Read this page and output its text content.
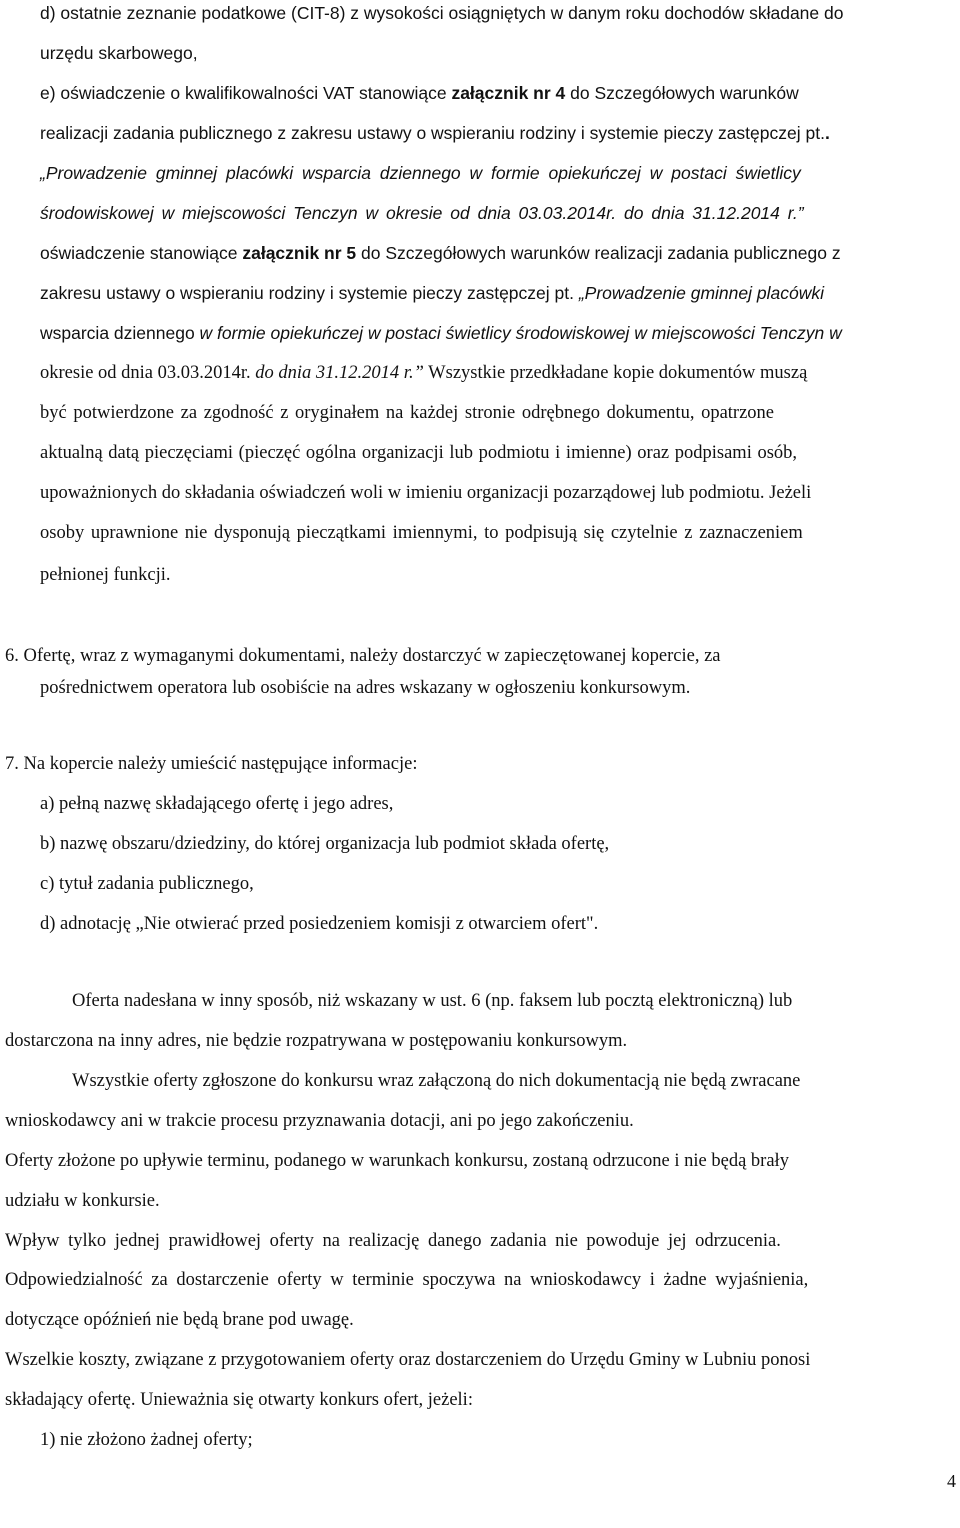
d) ostatnie zeznanie podatkowe (CIT-8) z wysokości osiągniętych w danym roku dochodów składane do
urzędu skarbowego,
e) oświadczenie o kwalifikowalności VAT stanowiące załącznik nr 4 do Szczegółowych warunków
realizacji zadania publicznego z zakresu ustawy o wspieraniu rodziny i systemie pieczy zastępczej pt..
„Prowadzenie gminnej placówki wsparcia dziennego w formie opiekuńczej w postaci świetlicy
środowiskowej w miejscowości Tenczyn w okresie od dnia 03.03.2014r. do dnia 31.12.2014 r.”
oświadczenie stanowiące załącznik nr 5 do Szczegółowych warunków realizacji zadania publicznego z
zakresu ustawy o wspieraniu rodziny i systemie pieczy zastępczej pt. „Prowadzenie gminnej placówki
wsparcia dziennego w formie opiekuńczej w postaci świetlicy środowiskowej w miejscowości Tenczyn w
okresie od dnia 03.03.2014r. do dnia 31.12.2014 r.” Wszystkie przedkładane kopie dokumentów muszą
być potwierdzone za zgodność z oryginałem na każdej stronie odrębnego dokumentu, opatrzone
aktualną datą pieczęciami (pieczęć ogólna organizacji lub podmiotu i imienne) oraz podpisami osób,
upoważnionych do składania oświadczeń woli w imieniu organizacji pozarządowej lub podmiotu. Jeżeli
osoby uprawnione nie dysponują pieczątkami imiennymi, to podpisują się czytelnie z zaznaczeniem
pełnionej funkcji.
6. Ofertę, wraz z wymaganymi dokumentami, należy dostarczyć w zapieczętowanej kopercie, za
pośrednictwem operatora lub osobiście na adres wskazany w ogłoszeniu konkursowym.
7. Na kopercie należy umieścić następujące informacje:
a) pełną nazwę składającego ofertę i jego adres,
b) nazwę obszaru/dziedziny, do której organizacja lub podmiot składa ofertę,
c) tytuł zadania publicznego,
d) adnotację „Nie otwierać przed posiedzeniem komisji z otwarciem ofert".
Oferta nadesłana w inny sposób, niż wskazany w ust. 6 (np. faksem lub pocztą elektroniczną) lub
dostarczona na inny adres, nie będzie rozpatrywana w postępowaniu konkursowym.
Wszystkie oferty zgłoszone do konkursu wraz załączoną do nich dokumentacją nie będą zwracane
wnioskodawcy ani w trakcie procesu przyznawania dotacji, ani po jego zakończeniu.
Oferty złożone po upływie terminu, podanego w warunkach konkursu, zostaną odrzucone i nie będą brały
udziału w konkursie.
Wpływ tylko jednej prawidłowej oferty na realizację danego zadania nie powoduje jej odrzucenia.
Odpowiedzialność za dostarczenie oferty w terminie spoczywa na wnioskodawcy i żadne wyjaśnienia,
dotyczące opóźnień nie będą brane pod uwagę.
Wszelkie koszty, związane z przygotowaniem oferty oraz dostarczeniem do Urzędu Gminy w Lubniu ponosi
składający ofertę. Unieważnia się otwarty konkurs ofert, jeżeli:
1) nie złożono żadnej oferty;
4
